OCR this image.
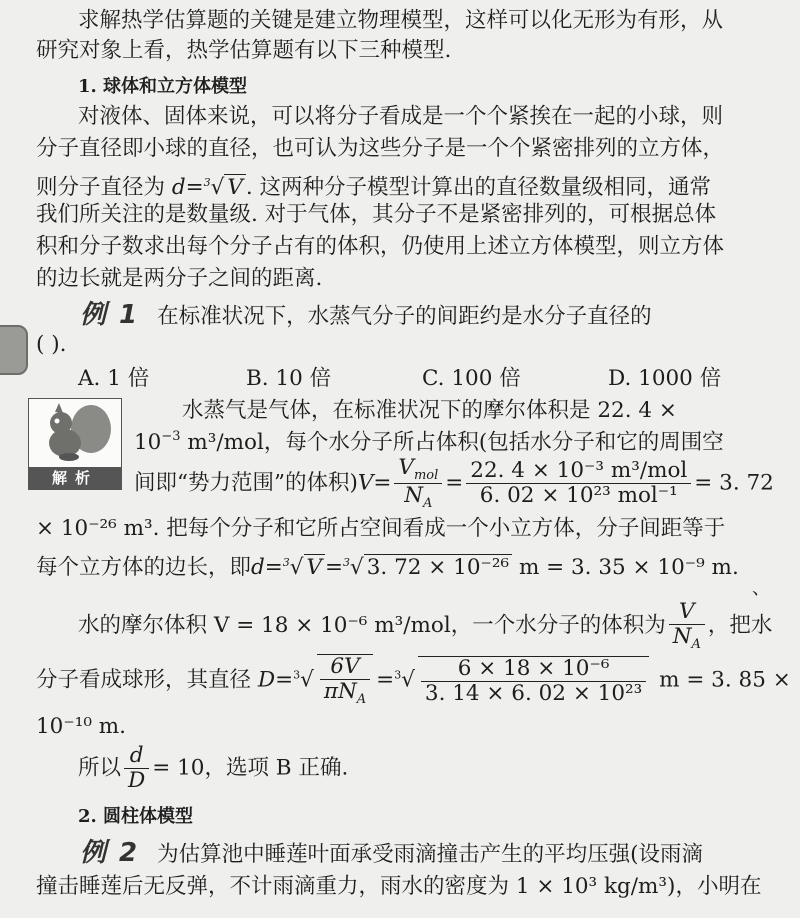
求解热学估算题的关键是建立物理模型，这样可以化无形为有形，从
研究对象上看，热学估算题有以下三种模型.
1. 球体和立方体模型
对液体、固体来说，可以将分子看成是一个个紧挨在一起的小球，则
分子直径即小球的直径，也可认为这些分子是一个个紧密排列的立方体，
则分子直径为 d=$^3$√ V . 这两种分子模型计算出的直径数量级相同，通常
我们所关注的是数量级. 对于气体，其分子不是紧密排列的，可根据总体
积和分子数求出每个分子占有的体积，仍使用上述立方体模型，则立方体
的边长就是两分子之间的距离.
例 1 在标准状况下，水蒸气分子的间距约是水分子直径的
( ).
A. 1 倍	B. 10 倍	C. 100 倍	D. 1000 倍
解析
水蒸气是气体，在标准状况下的摩尔体积是 22. 4 ×
$10^{-3}$ m³/mol，每个水分子所占体积(包括水分子和它的周围空
间即“势力范围”的体积)$V= \frac{V_{mol}}{N_A} = \frac{\text{22. 4 × 10⁻³ m³/mol}}{\text{6. 02 × 10²³ mol⁻¹}} = 3$. 72
× 10⁻²⁶ m³. 把每个分子和它所占空间看成一个小立方体，分子间距等于
每个立方体的边长，即d=$^3$√ V =$^3$√ 3. 72 × 10⁻²⁶ m = 3. 35 × 10⁻⁹ m.
、
水的摩尔体积 V = 18 × 10⁻⁶ m³/mol，一个水分子的体积为 $\frac{V}{N_A}$ ，把水
分子看成球形，其直径 $D=^3√ \frac{6V}{\pi N_A} =^3√ \frac{\text{6 × 18 × 10⁻⁶}}{\text{3. 14 × 6. 02 × 10²³}}$ m = 3. 85 ×
10⁻¹⁰ m.
所以 $\frac{d}{D} = 10$，选项 B 正确.
2. 圆柱体模型
例 2 为估算池中睡莲叶面承受雨滴撞击产生的平均压强(设雨滴
撞击睡莲后无反弹，不计雨滴重力，雨水的密度为 1 × 10³ kg/m³)，小明在
